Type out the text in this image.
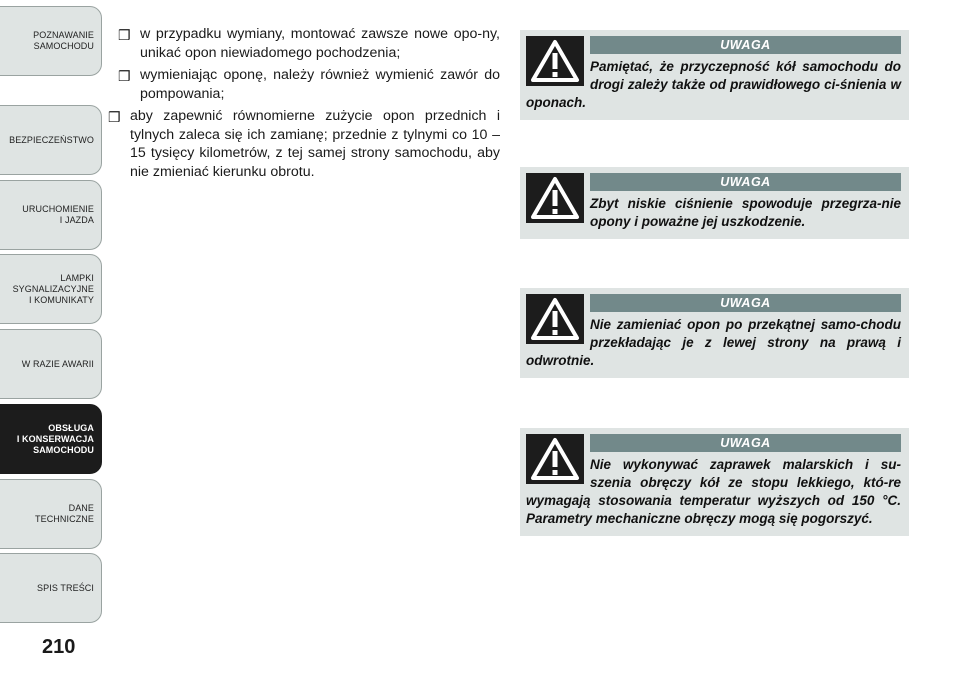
POZNAWANIE
SAMOCHODU
BEZPIECZEŃSTWO
URUCHOMIENIE
I JAZDA
LAMPKI
SYGNALIZACYJNE
I KOMUNIKATY
W RAZIE AWARII
OBSŁUGA
I KONSERWACJA
SAMOCHODU
DANE
TECHNICZNE
SPIS TREŚCI
210
❒ w przypadku wymiany, montować zawsze nowe opo-ny, unikać opon niewiadomego pochodzenia;
❒ wymieniając oponę, należy również wymienić zawór do pompowania;
❒ aby zapewnić równomierne zużycie opon przednich i tylnych zaleca się ich zamianę; przednie z tylnymi co 10 – 15 tysięcy kilometrów, z tej samej strony samochodu, aby nie zmieniać kierunku obrotu.
UWAGA
Pamiętać, że przyczepność kół samochodu do drogi zależy także od prawidłowego ci-śnienia w oponach.
UWAGA
Zbyt niskie ciśnienie spowoduje przegrza-nie opony i poważne jej uszkodzenie.
UWAGA
Nie zamieniać opon po przekątnej samo-chodu przekładając je z lewej strony na prawą i odwrotnie.
UWAGA
Nie wykonywać zaprawek malarskich i su-szenia obręczy kół ze stopu lekkiego, któ-re wymagają stosowania temperatur wyższych od 150 °C. Parametry mechaniczne obręczy mogą się pogorszyć.
